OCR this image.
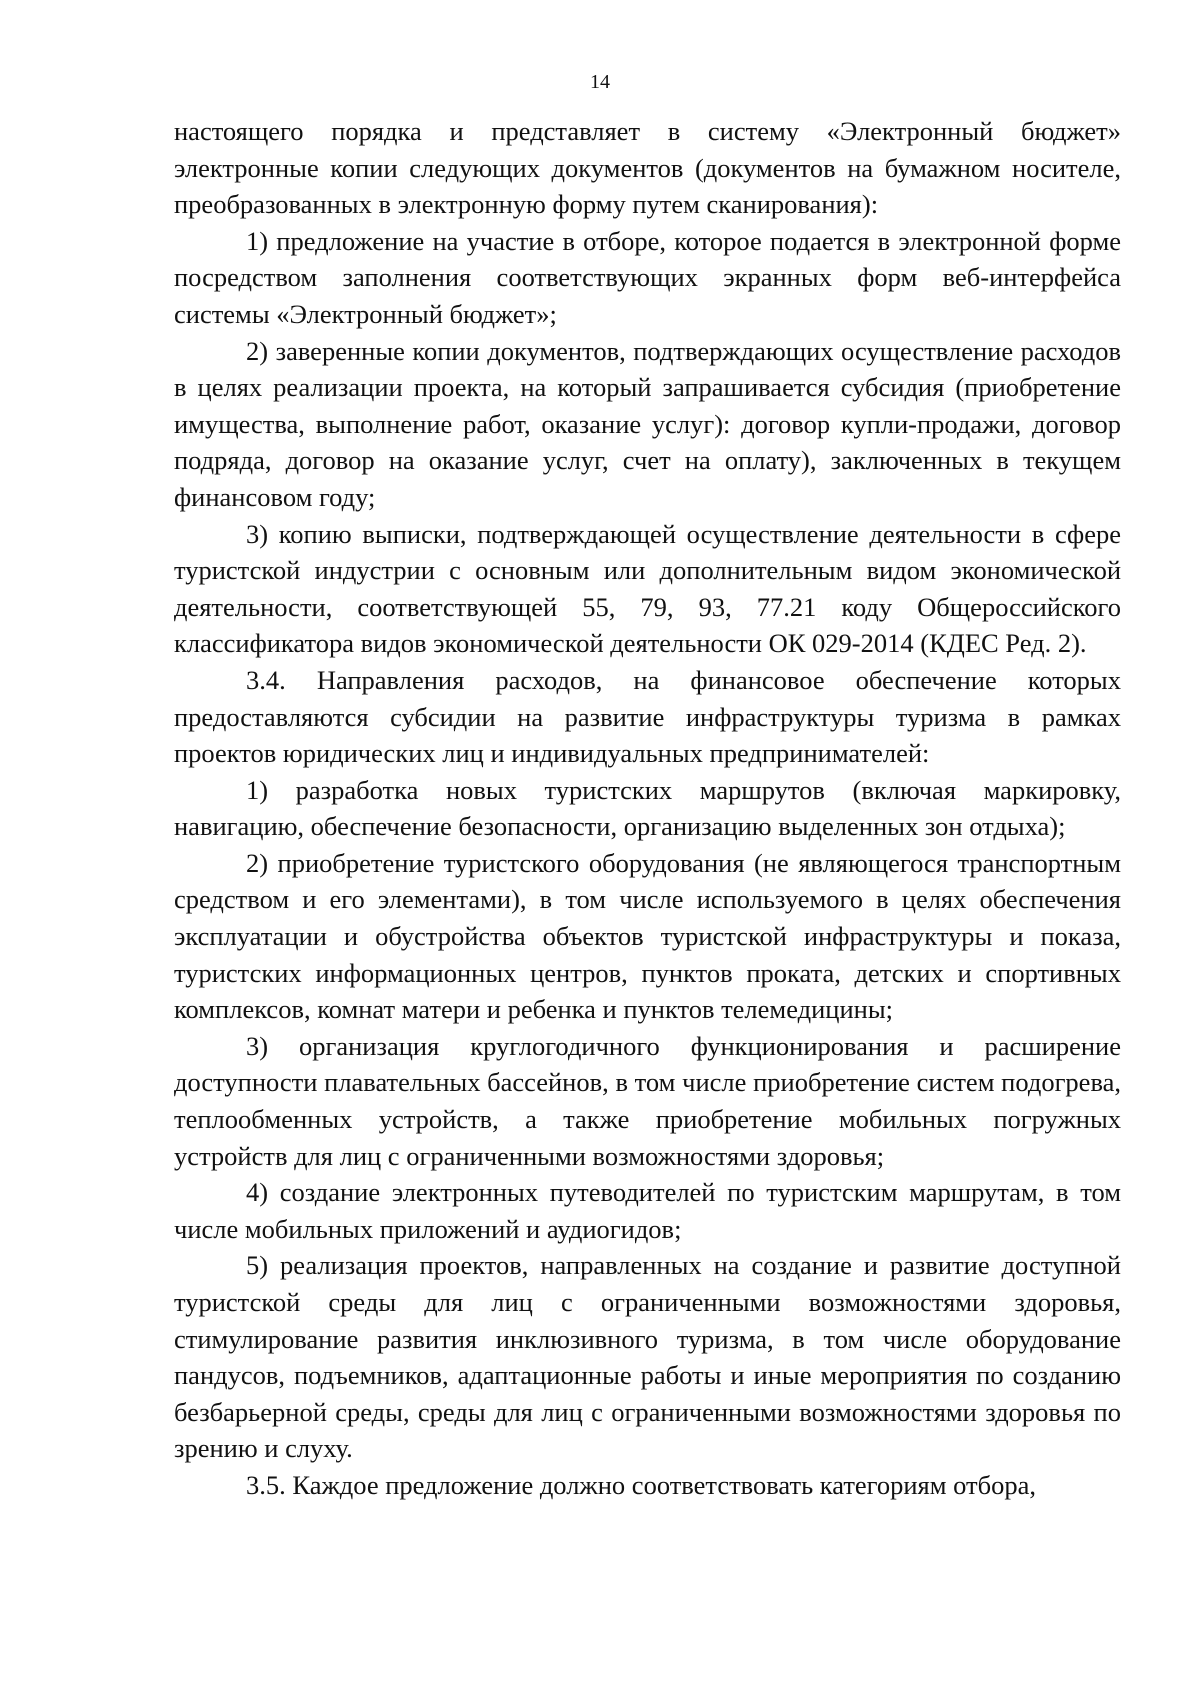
14

настоящего порядка и представляет в систему «Электронный бюджет» электронные копии следующих документов (документов на бумажном носителе, преобразованных в электронную форму путем сканирования):

1) предложение на участие в отборе, которое подается в электронной форме посредством заполнения соответствующих экранных форм веб-интерфейса системы «Электронный бюджет»;

2) заверенные копии документов, подтверждающих осуществление расходов в целях реализации проекта, на который запрашивается субсидия (приобретение имущества, выполнение работ, оказание услуг): договор купли-продажи, договор подряда, договор на оказание услуг, счет на оплату), заключенных в текущем финансовом году;

3) копию выписки, подтверждающей осуществление деятельности в сфере туристской индустрии с основным или дополнительным видом экономической деятельности, соответствующей 55, 79, 93, 77.21 коду Общероссийского классификатора видов экономической деятельности ОК 029-2014 (КДЕС Ред. 2).

3.4. Направления расходов, на финансовое обеспечение которых предоставляются субсидии на развитие инфраструктуры туризма в рамках проектов юридических лиц и индивидуальных предпринимателей:

1) разработка новых туристских маршрутов (включая маркировку, навигацию, обеспечение безопасности, организацию выделенных зон отдыха);

2) приобретение туристского оборудования (не являющегося транспортным средством и его элементами), в том числе используемого в целях обеспечения эксплуатации и обустройства объектов туристской инфраструктуры и показа, туристских информационных центров, пунктов проката, детских и спортивных комплексов, комнат матери и ребенка и пунктов телемедицины;

3) организация круглогодичного функционирования и расширение доступности плавательных бассейнов, в том числе приобретение систем подогрева, теплообменных устройств, а также приобретение мобильных погружных устройств для лиц с ограниченными возможностями здоровья;

4) создание электронных путеводителей по туристским маршрутам, в том числе мобильных приложений и аудиогидов;

5) реализация проектов, направленных на создание и развитие доступной туристской среды для лиц с ограниченными возможностями здоровья, стимулирование развития инклюзивного туризма, в том числе оборудование пандусов, подъемников, адаптационные работы и иные мероприятия по созданию безбарьерной среды, среды для лиц с ограниченными возможностями здоровья по зрению и слуху.

3.5. Каждое предложение должно соответствовать категориям отбора,
